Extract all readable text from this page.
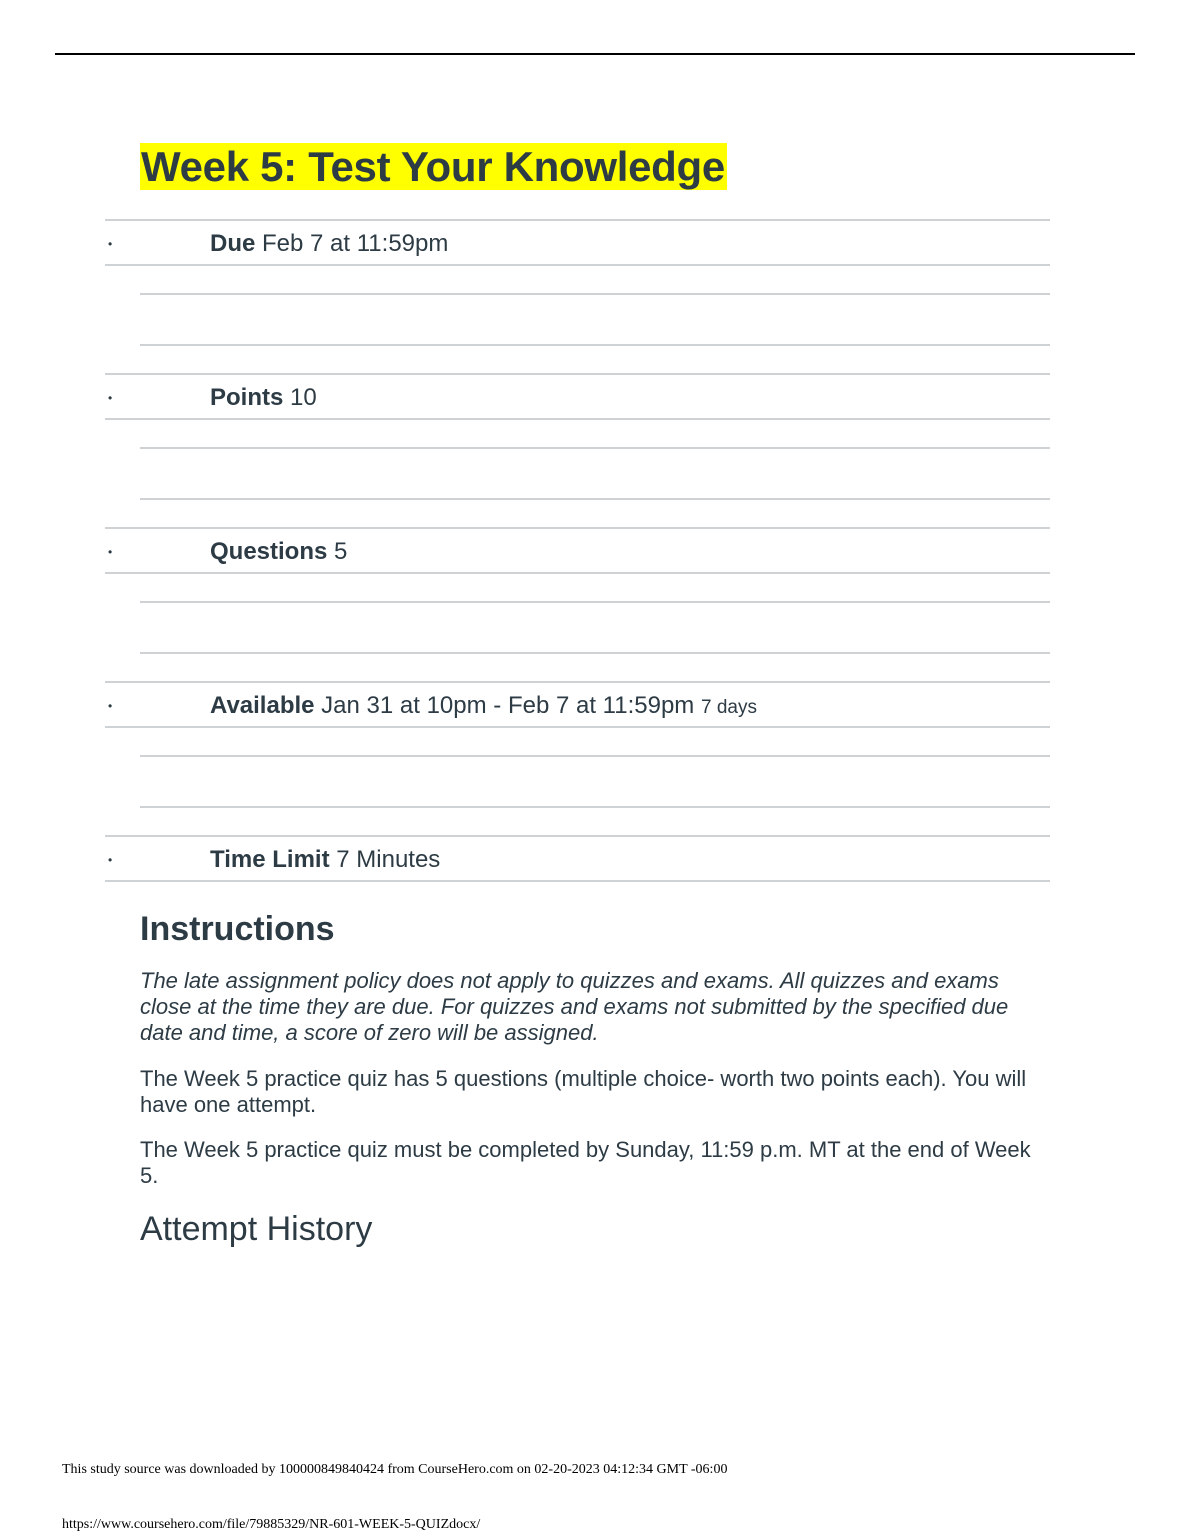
Week 5: Test Your Knowledge
•	Due Feb 7 at 11:59pm
•	Points 10
•	Questions 5
•	Available Jan 31 at 10pm - Feb 7 at 11:59pm 7 days
•	Time Limit 7 Minutes
Instructions

The late assignment policy does not apply to quizzes and exams. All quizzes and exams close at the time they are due. For quizzes and exams not submitted by the specified due date and time, a score of zero will be assigned.

The Week 5 practice quiz has 5 questions (multiple choice- worth two points each). You will have one attempt.

The Week 5 practice quiz must be completed by Sunday, 11:59 p.m. MT at the end of Week 5.

Attempt History
This study source was downloaded by 100000849840424 from CourseHero.com on 02-20-2023 04:12:34 GMT -06:00
https://www.coursehero.com/file/79885329/NR-601-WEEK-5-QUIZdocx/
